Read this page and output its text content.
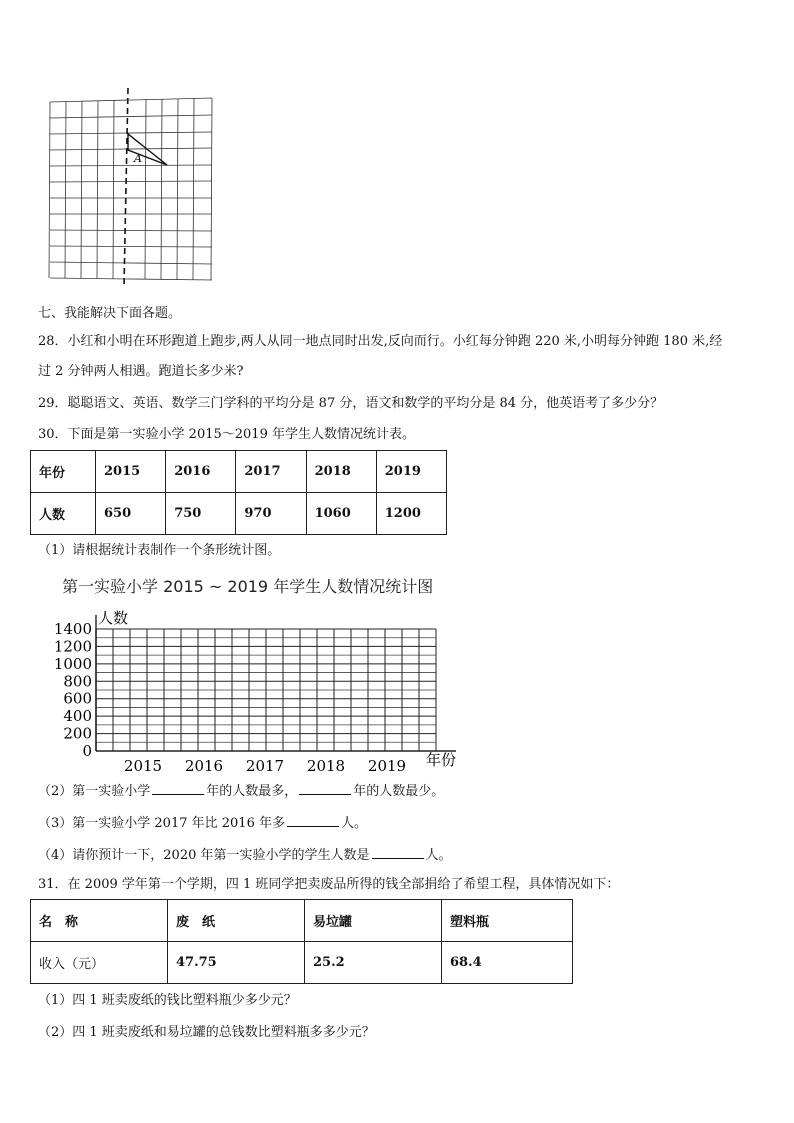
A
七、我能解决下面各题。
28．小红和小明在环形跑道上跑步,两人从同一地点同时出发,反向而行。小红每分钟跑 220 米,小明每分钟跑 180 米,经
过 2 分钟两人相遇。跑道长多少米?
29．聪聪语文、英语、数学三门学科的平均分是 87 分，语文和数学的平均分是 84 分，他英语考了多少分？
30．下面是第一实验小学 2015～2019 年学生人数情况统计表。
年份	2015	2016	2017	2018	2019
人数	650	750	970	1060	1200
（1）请根据统计表制作一个条形统计图。
第一实验小学 2015 ~ 2019 年学生人数情况统计图
1400
1200
1000
800
600
400
200
0
2015 2016 2017 2018 2019
人数
年份
（2）第一实验小学	年的人数最多，	年的人数最少。
（3）第一实验小学 2017 年比 2016 年多	人。
（4）请你预计一下，2020 年第一实验小学的学生人数是	人。
31．在 2009 学年第一个学期，四 1 班同学把卖废品所得的钱全部捐给了希望工程，具体情况如下：
名　称	废　纸	易垃罐	塑料瓶
收入（元）	47.75	25.2	68.4
（1）四 1 班卖废纸的钱比塑料瓶少多少元？
（2）四 1 班卖废纸和易垃罐的总钱数比塑料瓶多多少元？
